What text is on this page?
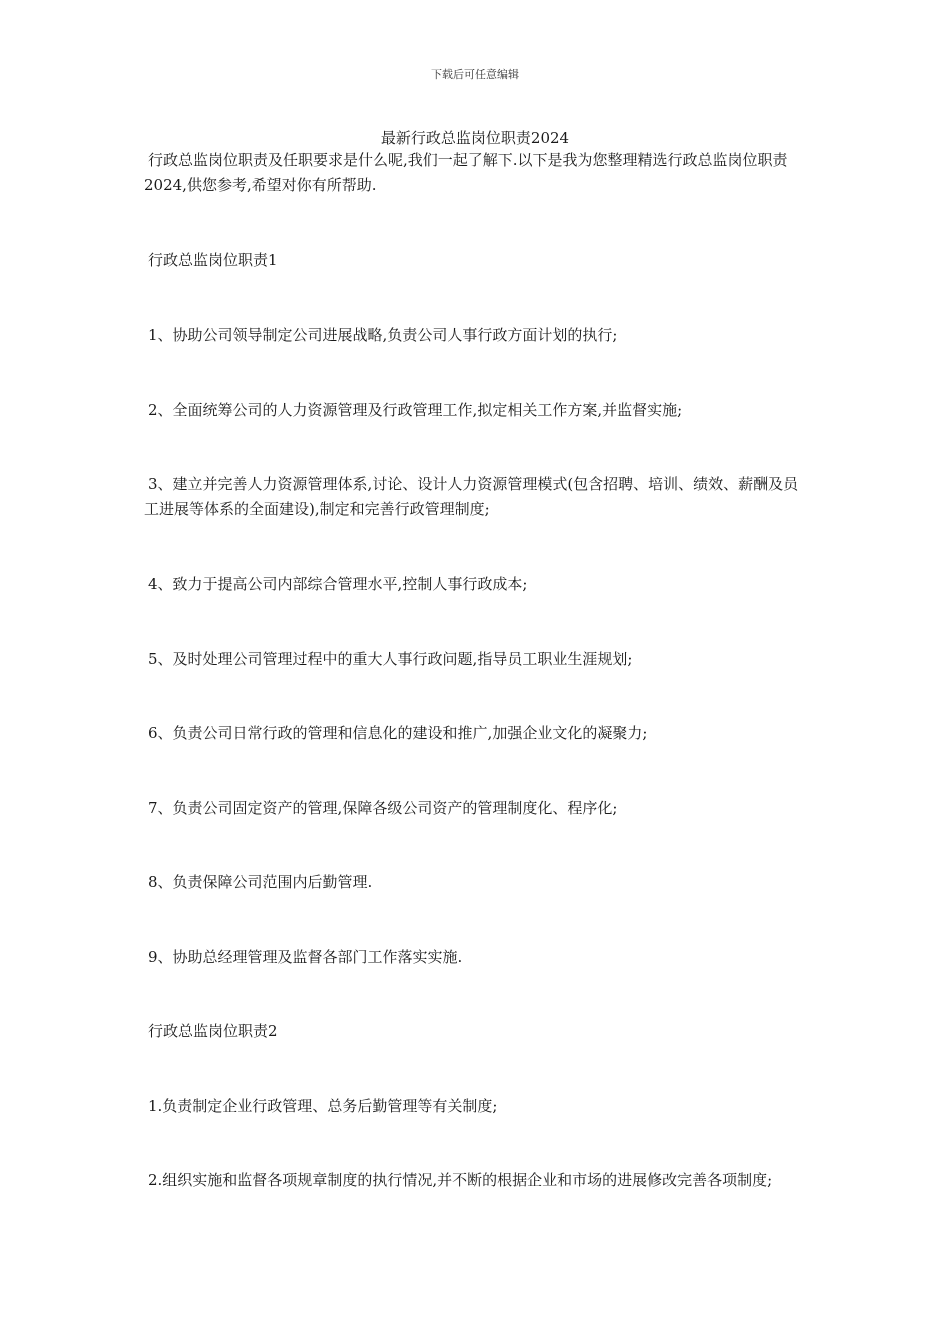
下载后可任意编辑
最新行政总监岗位职责2024

行政总监岗位职责及任职要求是什么呢,我们一起了解下.以下是我为您整理精选行政总监岗位职责2024,供您参考,希望对你有所帮助.

行政总监岗位职责1

1、协助公司领导制定公司进展战略,负责公司人事行政方面计划的执行;

2、全面统筹公司的人力资源管理及行政管理工作,拟定相关工作方案,并监督实施;

3、建立并完善人力资源管理体系,讨论、设计人力资源管理模式(包含招聘、培训、绩效、薪酬及员工进展等体系的全面建设),制定和完善行政管理制度;

4、致力于提高公司内部综合管理水平,控制人事行政成本;

5、及时处理公司管理过程中的重大人事行政问题,指导员工职业生涯规划;

6、负责公司日常行政的管理和信息化的建设和推广,加强企业文化的凝聚力;

7、负责公司固定资产的管理,保障各级公司资产的管理制度化、程序化;

8、负责保障公司范围内后勤管理.

9、协助总经理管理及监督各部门工作落实实施.

行政总监岗位职责2

1.负责制定企业行政管理、总务后勤管理等有关制度;

2.组织实施和监督各项规章制度的执行情况,并不断的根据企业和市场的进展修改完善各项制度;
